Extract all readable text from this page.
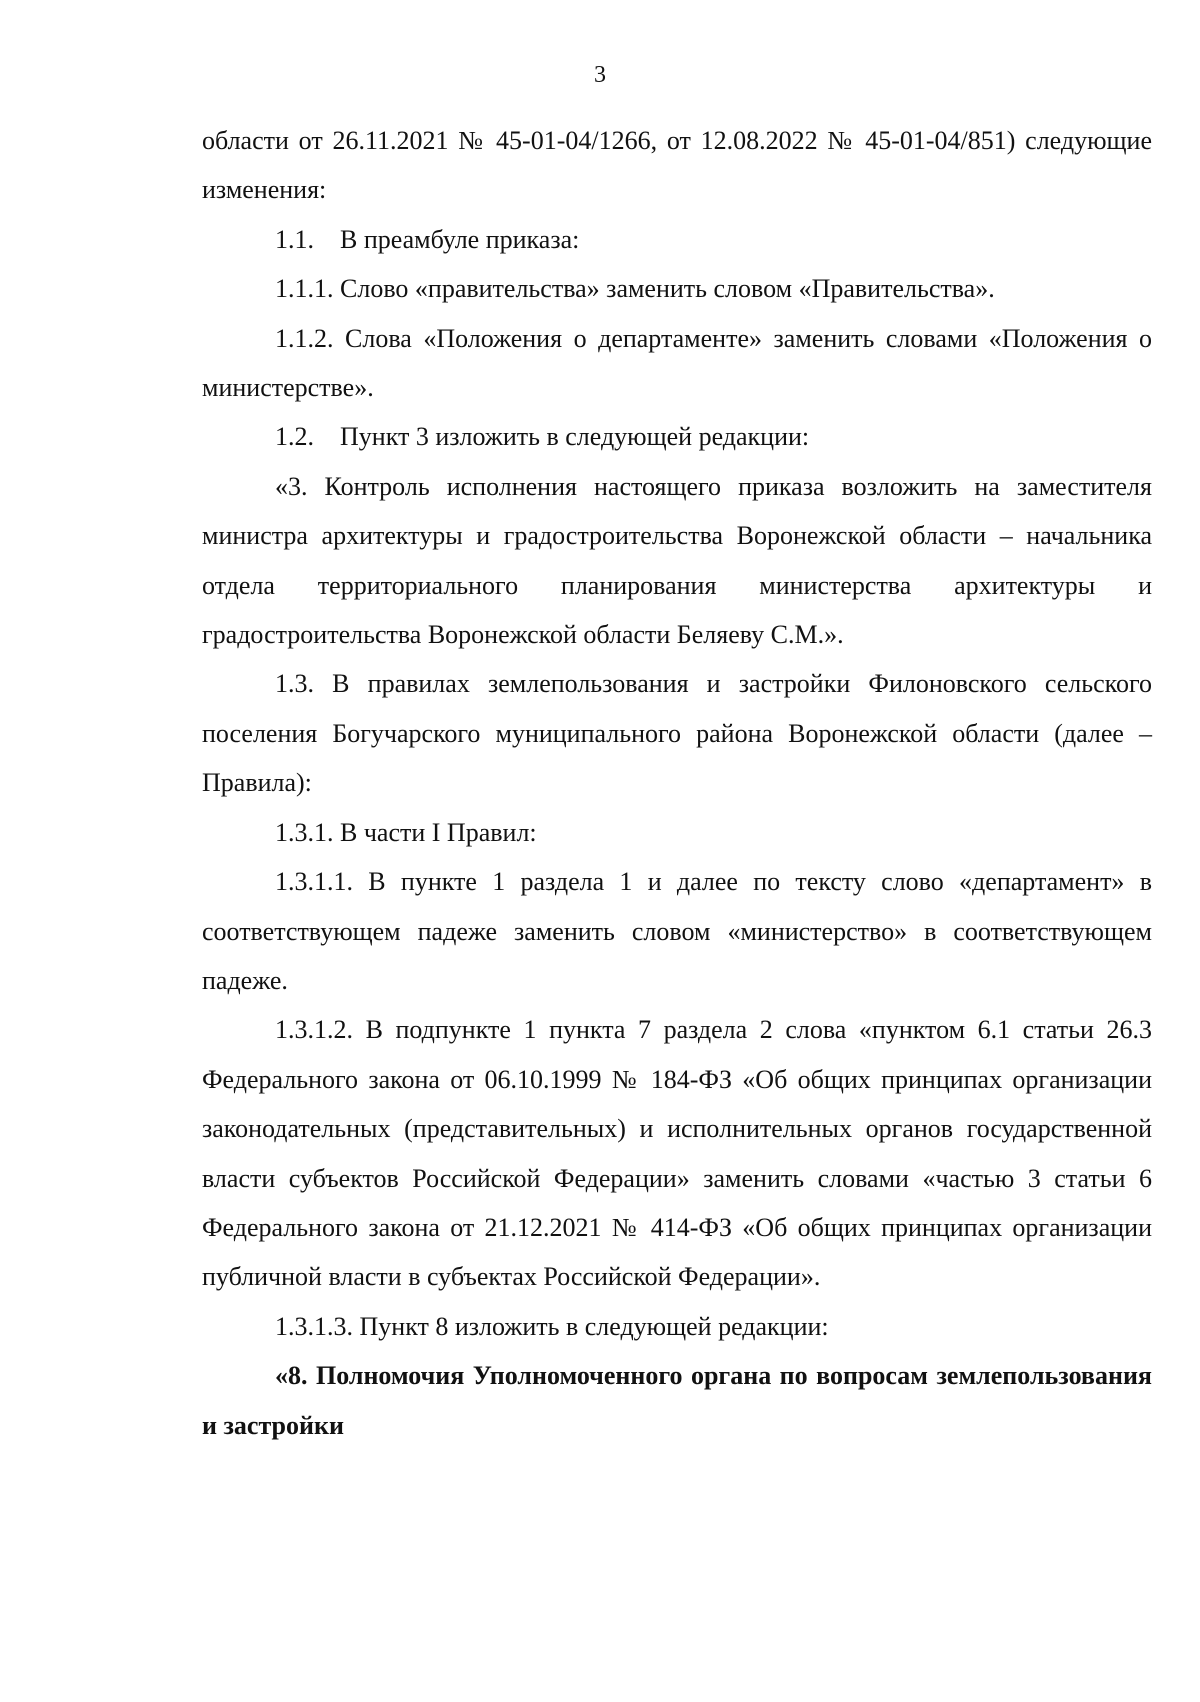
3

области от 26.11.2021 № 45-01-04/1266, от 12.08.2022 № 45-01-04/851) следующие изменения:

1.1. В преамбуле приказа:

1.1.1. Слово «правительства» заменить словом «Правительства».

1.1.2. Слова «Положения о департаменте» заменить словами «Положения о министерстве».

1.2. Пункт 3 изложить в следующей редакции:

«3. Контроль исполнения настоящего приказа возложить на заместителя министра архитектуры и градостроительства Воронежской области – начальника отдела территориального планирования министерства архитектуры и градостроительства Воронежской области Беляеву С.М.».

1.3. В правилах землепользования и застройки Филоновского сельского поселения Богучарского муниципального района Воронежской области (далее – Правила):

1.3.1. В части I Правил:

1.3.1.1. В пункте 1 раздела 1 и далее по тексту слово «департамент» в соответствующем падеже заменить словом «министерство» в соответствующем падеже.

1.3.1.2. В подпункте 1 пункта 7 раздела 2 слова «пунктом 6.1 статьи 26.3 Федерального закона от 06.10.1999 № 184-ФЗ «Об общих принципах организации законодательных (представительных) и исполнительных органов государственной власти субъектов Российской Федерации» заменить словами «частью 3 статьи 6 Федерального закона от 21.12.2021 № 414-ФЗ «Об общих принципах организации публичной власти в субъектах Российской Федерации».

1.3.1.3. Пункт 8 изложить в следующей редакции:

«8. Полномочия Уполномоченного органа по вопросам землепользования и застройки
